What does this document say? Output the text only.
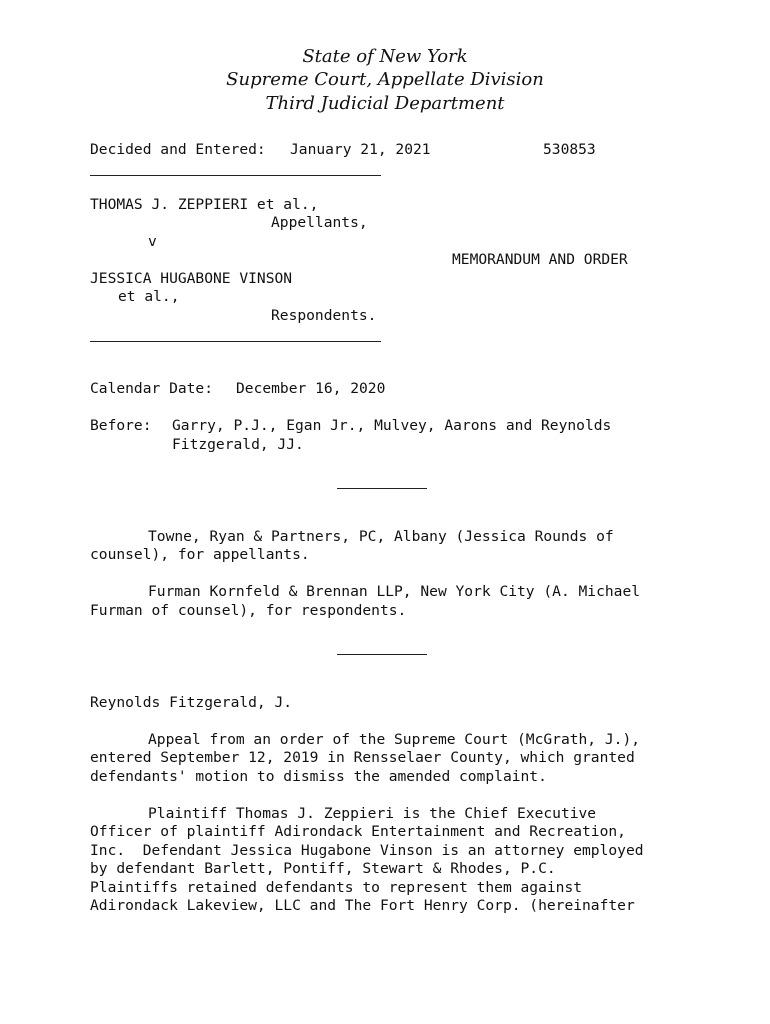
State of New York
Supreme Court, Appellate Division
Third Judicial Department
Decided and Entered: January 21, 2021	530853
THOMAS J. ZEPPIERI et al.,
Appellants,
v
MEMORANDUM AND ORDER
JESSICA HUGABONE VINSON
et al.,
Respondents.
Calendar Date: December 16, 2020
Before: Garry, P.J., Egan Jr., Mulvey, Aarons and Reynolds
Fitzgerald, JJ.
Towne, Ryan & Partners, PC, Albany (Jessica Rounds of
counsel), for appellants.
Furman Kornfeld & Brennan LLP, New York City (A. Michael
Furman of counsel), for respondents.
Reynolds Fitzgerald, J.
Appeal from an order of the Supreme Court (McGrath, J.),
entered September 12, 2019 in Rensselaer County, which granted
defendants' motion to dismiss the amended complaint.
Plaintiff Thomas J. Zeppieri is the Chief Executive
Officer of plaintiff Adirondack Entertainment and Recreation,
Inc.  Defendant Jessica Hugabone Vinson is an attorney employed
by defendant Barlett, Pontiff, Stewart & Rhodes, P.C.
Plaintiffs retained defendants to represent them against
Adirondack Lakeview, LLC and The Fort Henry Corp. (hereinafter
